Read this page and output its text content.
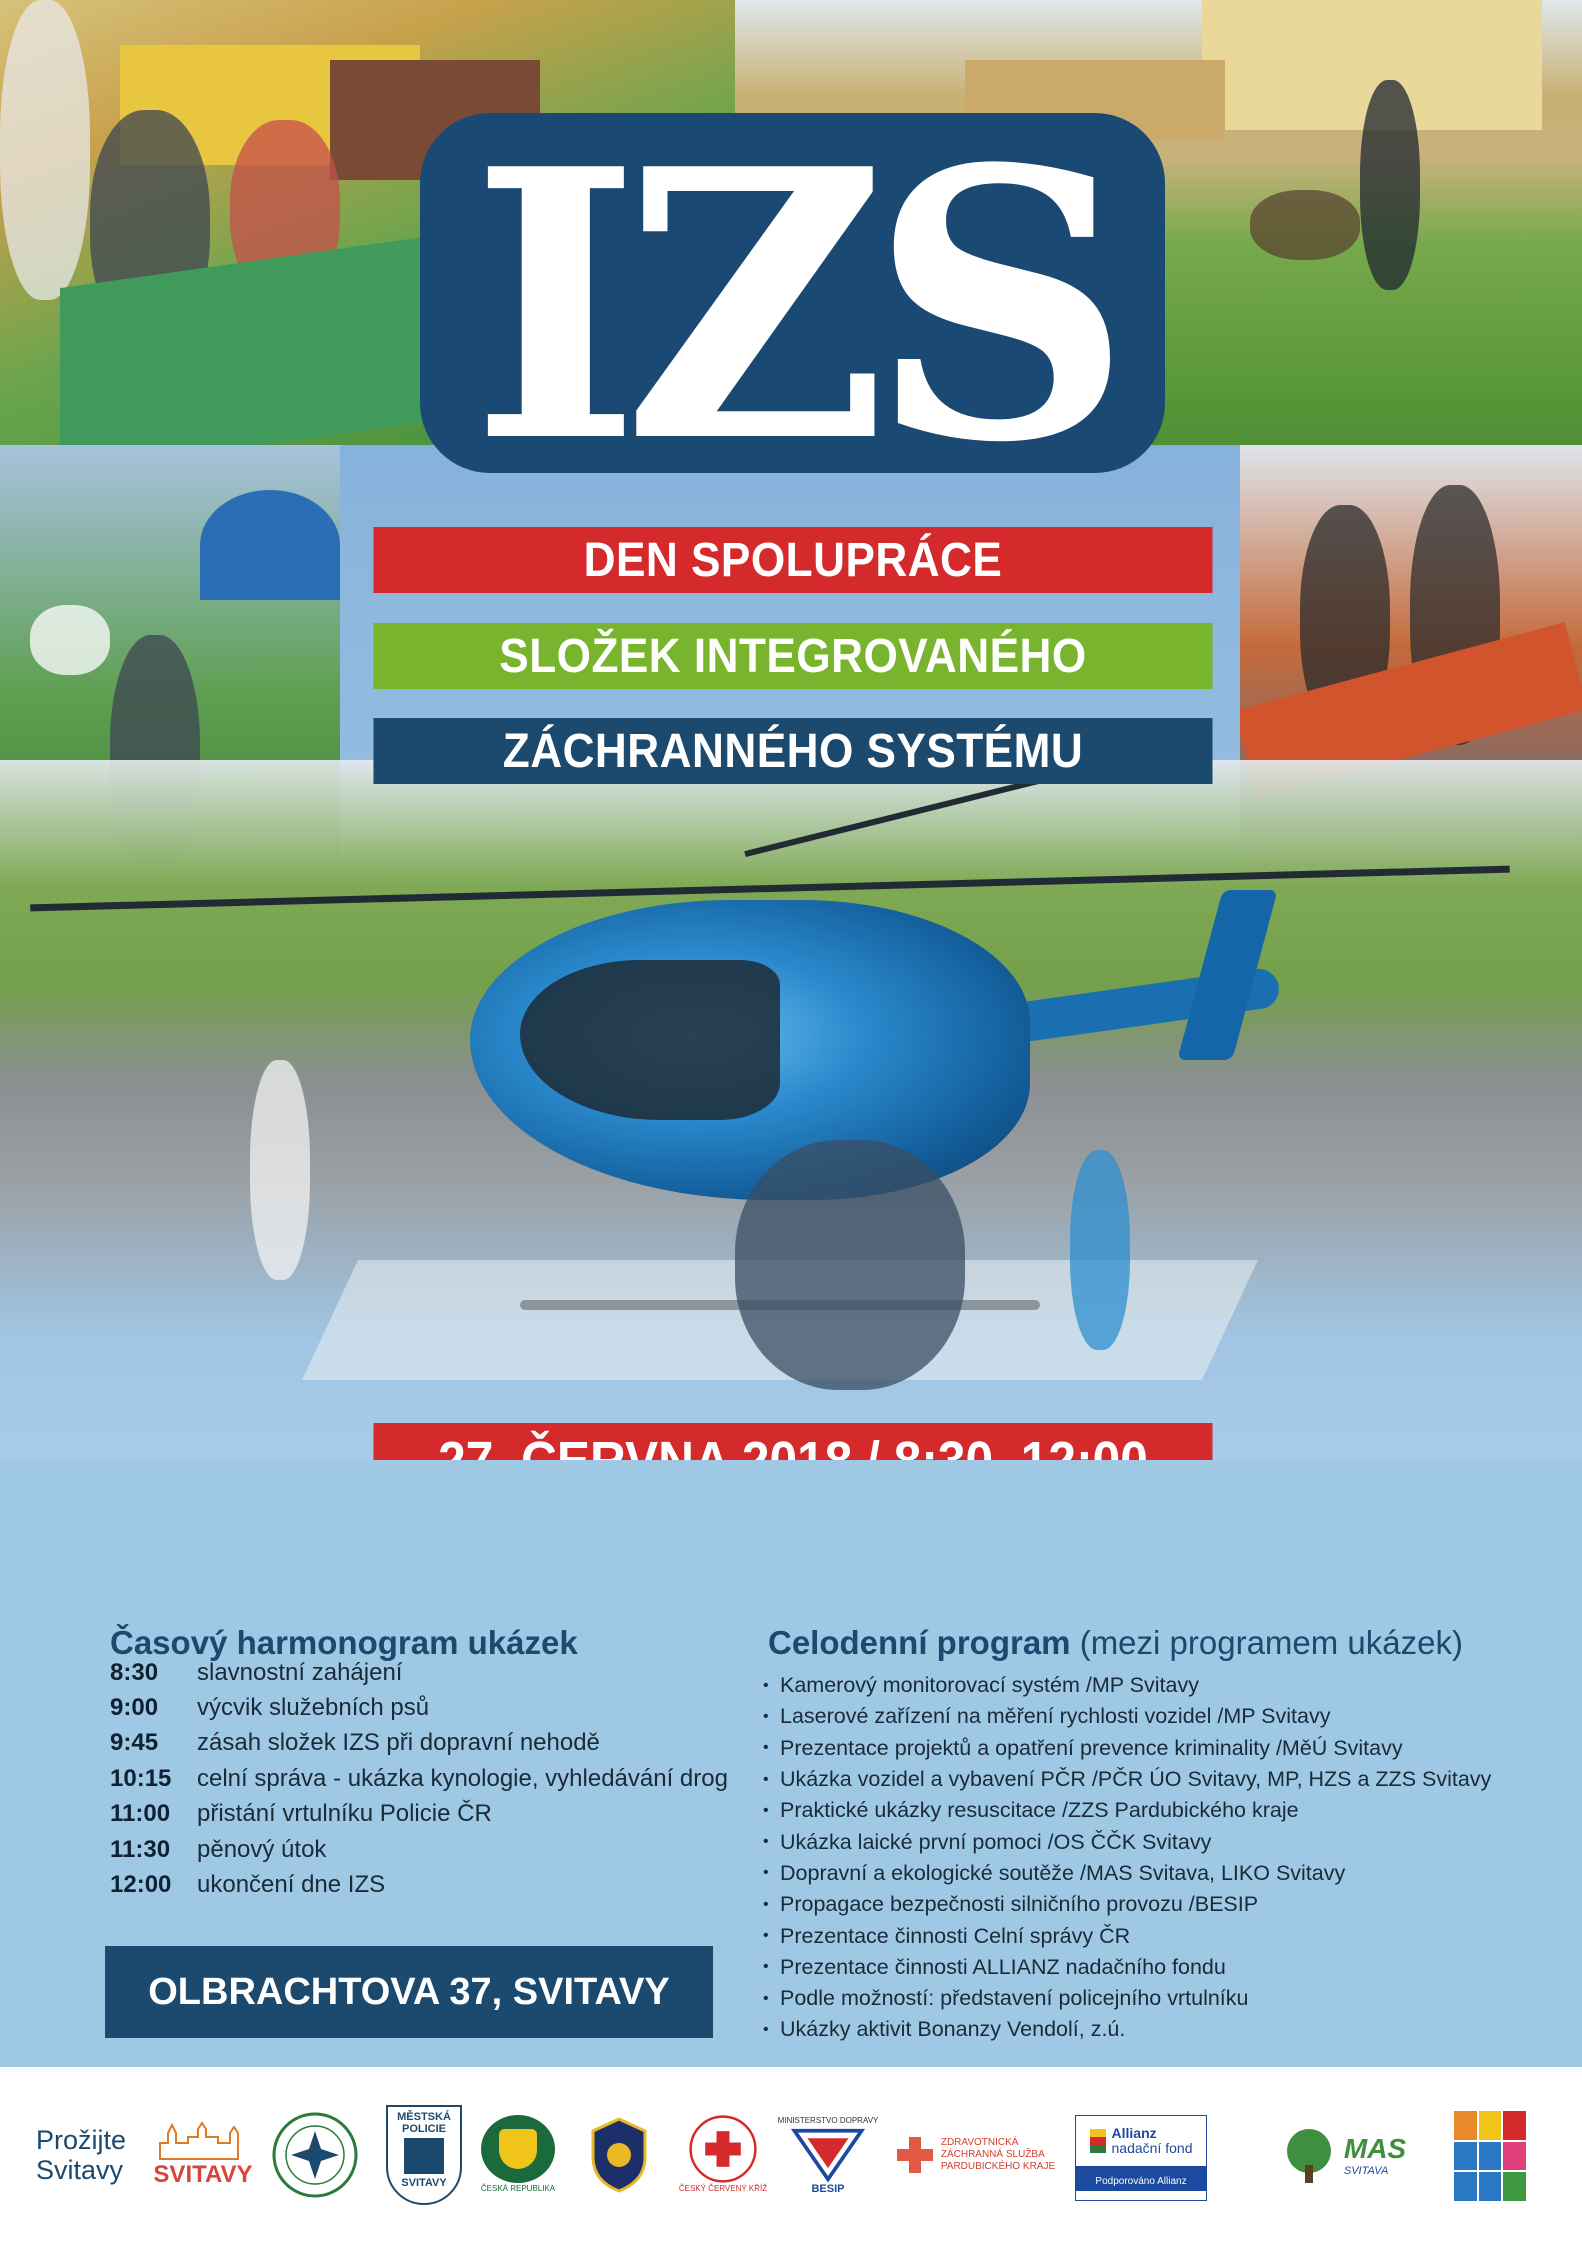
IZS
DEN SPOLUPRÁCE
SLOŽEK INTEGROVANÉHO
ZÁCHRANNÉHO SYSTÉMU
Časový harmonogram ukázek
8:30	slavnostní zahájení
9:00	výcvik služebních psů
9:45	zásah složek IZS při dopravní nehodě
10:15	celní správa - ukázka kynologie, vyhledávání drog
11:00	přistání vrtulníku Policie ČR
11:30	pěnový útok
12:00	ukončení dne IZS
Celodenní program (mezi programem ukázek)
• Kamerový monitorovací systém /MP Svitavy
• Laserové zařízení na měření rychlosti vozidel /MP Svitavy
• Prezentace projektů a opatření prevence kriminality /MěÚ Svitavy
• Ukázka vozidel a vybavení PČR /PČR ÚO Svitavy, MP, HZS a ZZS Svitavy
• Praktické ukázky resuscitace /ZZS Pardubického kraje
• Ukázka laické první pomoci /OS ČČK Svitavy
• Dopravní a ekologické soutěže /MAS Svitava, LIKO Svitavy
• Propagace bezpečnosti silničního provozu /BESIP
• Prezentace činnosti Celní správy ČR
• Prezentace činnosti ALLIANZ nadačního fondu
• Podle možností: představení policejního vrtulníku
• Ukázky aktivit Bonanzy Vendolí, z.ú.
OLBRACHTOVA 37, SVITAVY
Prožijte
Svitavy SVITAVY
MĚSTSKÁ
POLICIE
SVITAVY	ČESKÁ REPUBLIKA	ČESKÝ ČERVENÝ KŘÍŽ
MINISTERSTVO DOPRAVY
BESIP
ZDRAVOTNICKÁ
ZÁCHRANNÁ SLUŽBA
PARDUBICKÉHO KRAJE
Allianz
nadační fond
Podporováno Allianz
MAS
SVITAVA
